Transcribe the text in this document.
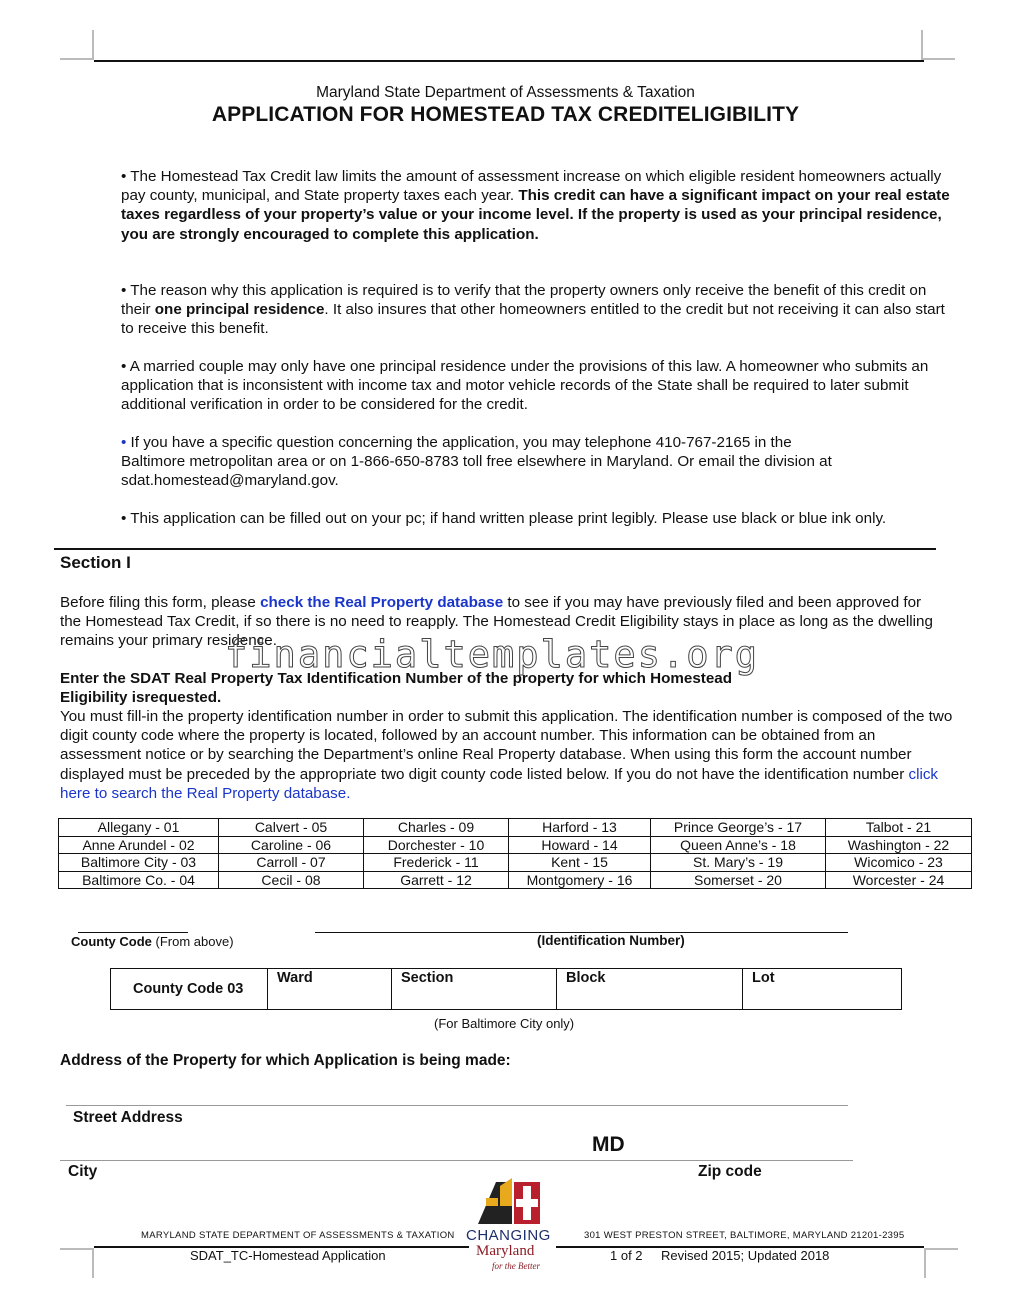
Maryland State Department of Assessments & Taxation
APPLICATION FOR HOMESTEAD TAX CREDITELIGIBILITY

• The Homestead Tax Credit law limits the amount of assessment increase on which eligible resident homeowners actually pay county, municipal, and State property taxes each year. This credit can have a significant impact on your real estate taxes regardless of your property’s value or your income level. If the property is used as your principal residence, you are strongly encouraged to complete this application.

• The reason why this application is required is to verify that the property owners only receive the benefit of this credit on their one principal residence. It also insures that other homeowners entitled to the credit but not receiving it can also start to receive this benefit.

• A married couple may only have one principal residence under the provisions of this law. A homeowner who submits an application that is inconsistent with income tax and motor vehicle records of the State shall be required to later submit additional verification in order to be considered for the credit.

• If you have a specific question concerning the application, you may telephone 410-767-2165 in the Baltimore metropolitan area or on 1-866-650-8783 toll free elsewhere in Maryland. Or email the division at sdat.homestead@maryland.gov.

• This application can be filled out on your pc; if hand written please print legibly. Please use black or blue ink only.

Section I

Before filing this form, please check the Real Property database to see if you may have previously filed and been approved for the Homestead Tax Credit, if so there is no need to reapply. The Homestead Credit Eligibility stays in place as long as the dwelling remains your primary residence.

financialtemplates.org

Enter the SDAT Real Property Tax Identification Number of the property for which Homestead Eligibility isrequested.

You must fill-in the property identification number in order to submit this application. The identification number is composed of the two digit county code where the property is located, followed by an account number. This information can be obtained from an assessment notice or by searching the Department’s online Real Property database. When using this form the account number displayed must be preceded by the appropriate two digit county code listed below. If you do not have the identification number click here to search the Real Property database.

Allegany - 01	Calvert - 05	Charles - 09	Harford - 13	Prince George’s - 17	Talbot - 21
Anne Arundel - 02	Caroline - 06	Dorchester - 10	Howard - 14	Queen Anne’s - 18	Washington - 22
Baltimore City - 03	Carroll - 07	Frederick - 11	Kent - 15	St. Mary’s - 19	Wicomico - 23
Baltimore Co. - 04	Cecil - 08	Garrett - 12	Montgomery - 16	Somerset - 20	Worcester - 24
County Code (From above)	(Identification Number)
County Code 03
Ward	Section	Block	Lot
(For Baltimore City only)
Address of the Property for which Application is being made:
Street Address
MD
City	Zip code
MARYLAND STATE DEPARTMENT OF ASSESSMENTS & TAXATION	301 WEST PRESTON STREET, BALTIMORE, MARYLAND 21201-2395
CHANGING
Maryland
for the Better
SDAT_TC-Homestead Application	1 of 2 Revised 2015; Updated 2018
